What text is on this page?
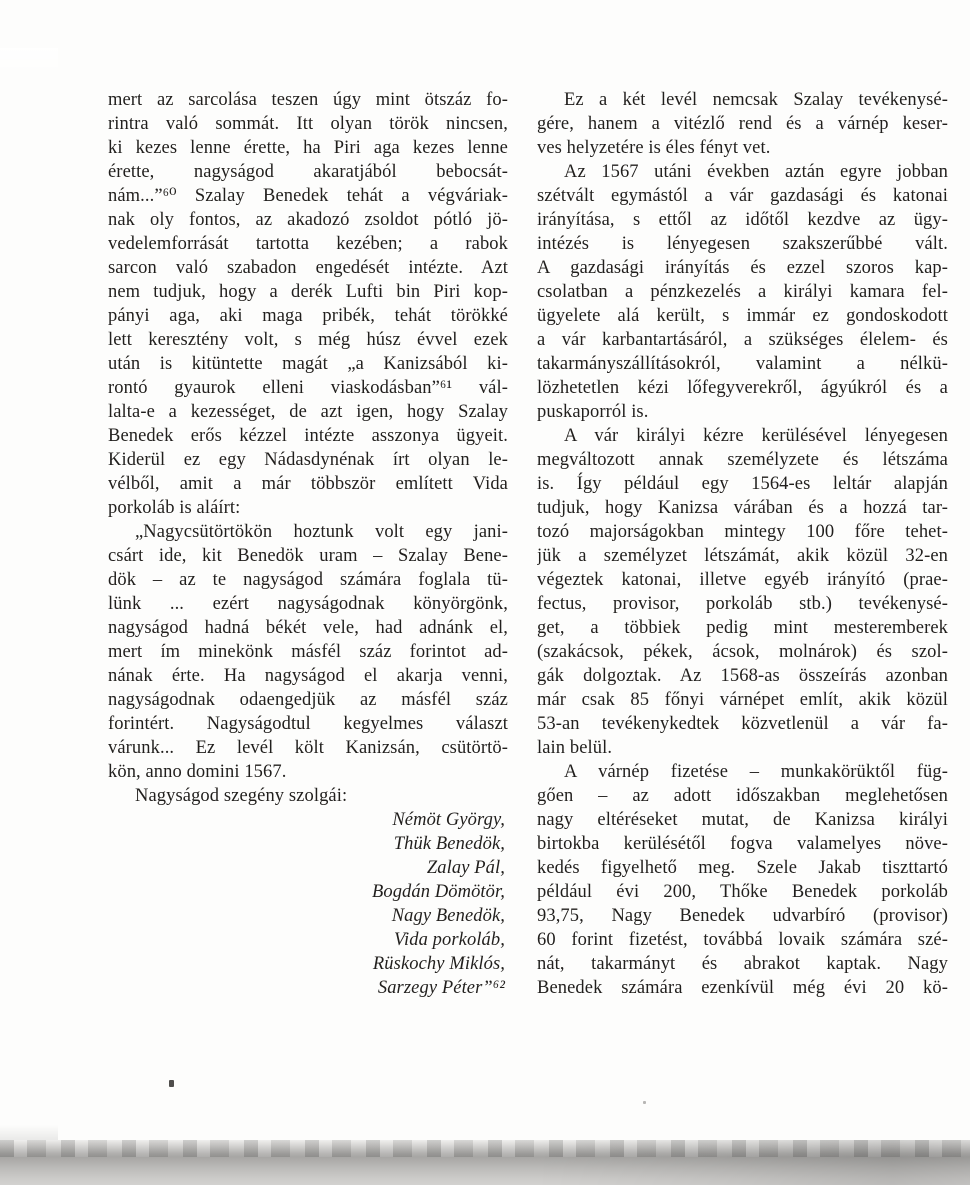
mert az sarcolása teszen úgy mint ötszáz fo-
rintra való sommát. Itt olyan török nincsen,
ki kezes lenne érette, ha Piri aga kezes lenne
érette, nagyságod akaratjából bebocsát-
nám...”⁶⁰ Szalay Benedek tehát a végváriak-
nak oly fontos, az akadozó zsoldot pótló jö-
vedelemforrását tartotta kezében; a rabok
sarcon való szabadon engedését intézte. Azt
nem tudjuk, hogy a derék Lufti bin Piri kop-
pányi aga, aki maga pribék, tehát törökké
lett keresztény volt, s még húsz évvel ezek
után is kitüntette magát „a Kanizsából ki-
rontó gyaurok elleni viaskodásban”⁶¹ vál-
lalta-e a kezességet, de azt igen, hogy Szalay
Benedek erős kézzel intézte asszonya ügyeit.
Kiderül ez egy Nádasdynénak írt olyan le-
vélből, amit a már többször említett Vida
porkoláb is aláírt:
„Nagycsütörtökön hoztunk volt egy jani-
csárt ide, kit Benedök uram – Szalay Bene-
dök – az te nagyságod számára foglala tü-
lünk ... ezért nagyságodnak könyörgönk,
nagyságod hadná békét vele, had adnánk el,
mert ím minekönk másfél száz forintot ad-
nának érte. Ha nagyságod el akarja venni,
nagyságodnak odaengedjük az másfél száz
forintért. Nagyságodtul kegyelmes választ
várunk... Ez levél költ Kanizsán, csütörtö-
kön, anno domini 1567.
Nagyságod szegény szolgái:
Némöt György,
Thük Benedök,
Zalay Pál,
Bogdán Dömötör,
Nagy Benedök,
Vida porkoláb,
Rüskochy Miklós,
Sarzegy Péter”⁶²
Ez a két levél nemcsak Szalay tevékenysé-
gére, hanem a vitézlő rend és a várnép keser-
ves helyzetére is éles fényt vet.
Az 1567 utáni években aztán egyre jobban
szétvált egymástól a vár gazdasági és katonai
irányítása, s ettől az időtől kezdve az ügy-
intézés is lényegesen szakszerűbbé vált.
A gazdasági irányítás és ezzel szoros kap-
csolatban a pénzkezelés a királyi kamara fel-
ügyelete alá került, s immár ez gondoskodott
a vár karbantartásáról, a szükséges élelem- és
takarmányszállításokról, valamint a nélkü-
lözhetetlen kézi lőfegyverekről, ágyúkról és a
puskaporról is.
A vár királyi kézre kerülésével lényegesen
megváltozott annak személyzete és létszáma
is. Így például egy 1564-es leltár alapján
tudjuk, hogy Kanizsa várában és a hozzá tar-
tozó majorságokban mintegy 100 főre tehet-
jük a személyzet létszámát, akik közül 32-en
végeztek katonai, illetve egyéb irányító (prae-
fectus, provisor, porkoláb stb.) tevékenysé-
get, a többiek pedig mint mesteremberek
(szakácsok, pékek, ácsok, molnárok) és szol-
gák dolgoztak. Az 1568-as összeírás azonban
már csak 85 főnyi várnépet említ, akik közül
53-an tevékenykedtek közvetlenül a vár fa-
lain belül.
A várnép fizetése – munkakörüktől füg-
gően – az adott időszakban meglehetősen
nagy eltéréseket mutat, de Kanizsa királyi
birtokba kerülésétől fogva valamelyes növe-
kedés figyelhető meg. Szele Jakab tiszttartó
például évi 200, Thőke Benedek porkoláb
93,75, Nagy Benedek udvarbíró (provisor)
60 forint fizetést, továbbá lovaik számára szé-
nát, takarmányt és abrakot kaptak. Nagy
Benedek számára ezenkívül még évi 20 kö-
